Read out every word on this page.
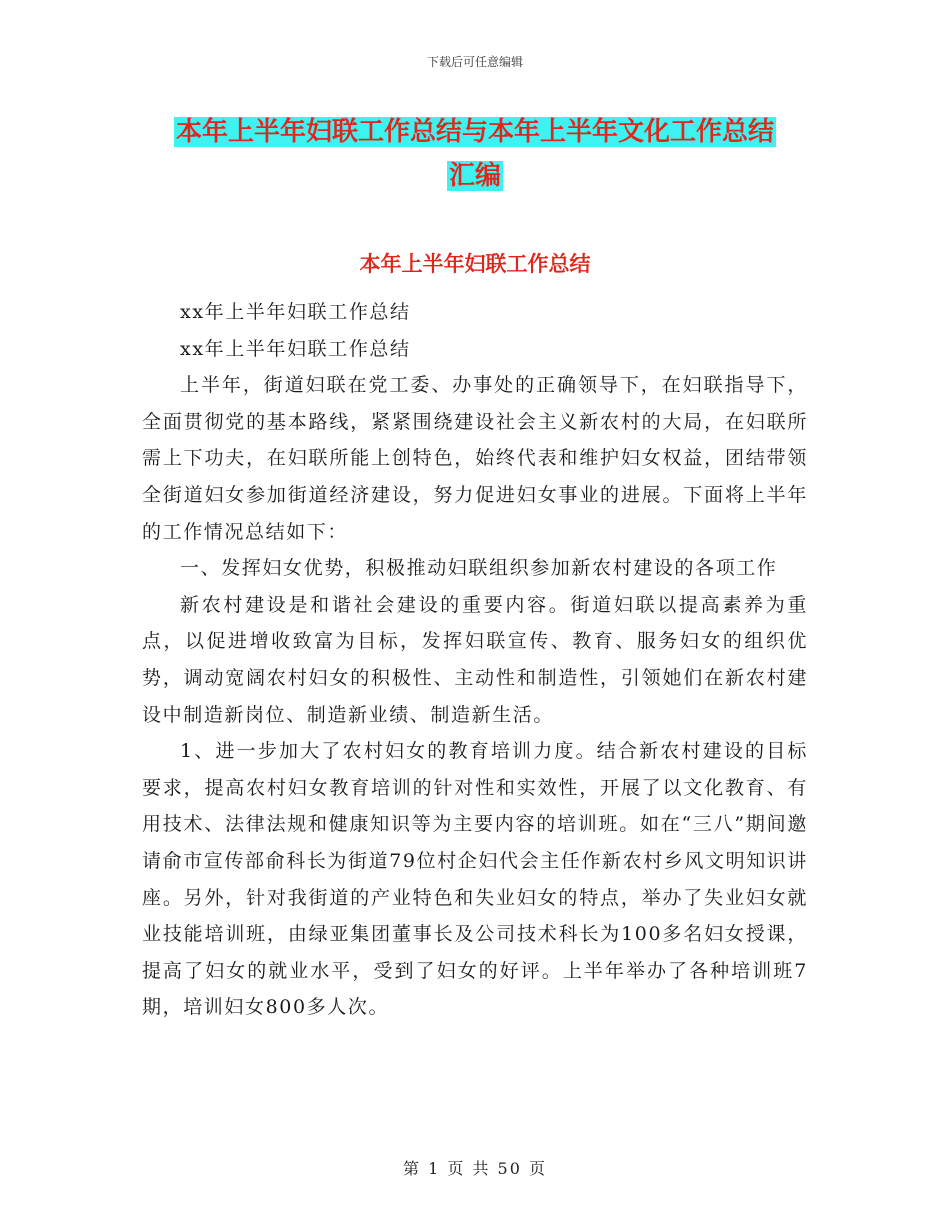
下载后可任意编辑
本年上半年妇联工作总结与本年上半年文化工作总结
汇编
本年上半年妇联工作总结

xx年上半年妇联工作总结

xx年上半年妇联工作总结

上半年，街道妇联在党工委、办事处的正确领导下，在妇联指导下，全面贯彻党的基本路线，紧紧围绕建设社会主义新农村的大局，在妇联所需上下功夫，在妇联所能上创特色，始终代表和维护妇女权益，团结带领全街道妇女参加街道经济建设，努力促进妇女事业的进展。下面将上半年的工作情况总结如下：

一、发挥妇女优势，积极推动妇联组织参加新农村建设的各项工作

新农村建设是和谐社会建设的重要内容。街道妇联以提高素养为重点，以促进增收致富为目标，发挥妇联宣传、教育、服务妇女的组织优势，调动宽阔农村妇女的积极性、主动性和制造性，引领她们在新农村建设中制造新岗位、制造新业绩、制造新生活。

1、进一步加大了农村妇女的教育培训力度。结合新农村建设的目标要求，提高农村妇女教育培训的针对性和实效性，开展了以文化教育、有用技术、法律法规和健康知识等为主要内容的培训班。如在“三八”期间邀请俞市宣传部俞科长为街道79位村企妇代会主任作新农村乡风文明知识讲座。另外，针对我街道的产业特色和失业妇女的特点，举办了失业妇女就业技能培训班，由绿亚集团董事长及公司技术科长为100多名妇女授课，提高了妇女的就业水平，受到了妇女的好评。上半年举办了各种培训班7期，培训妇女800多人次。

第 1 页 共 50 页
